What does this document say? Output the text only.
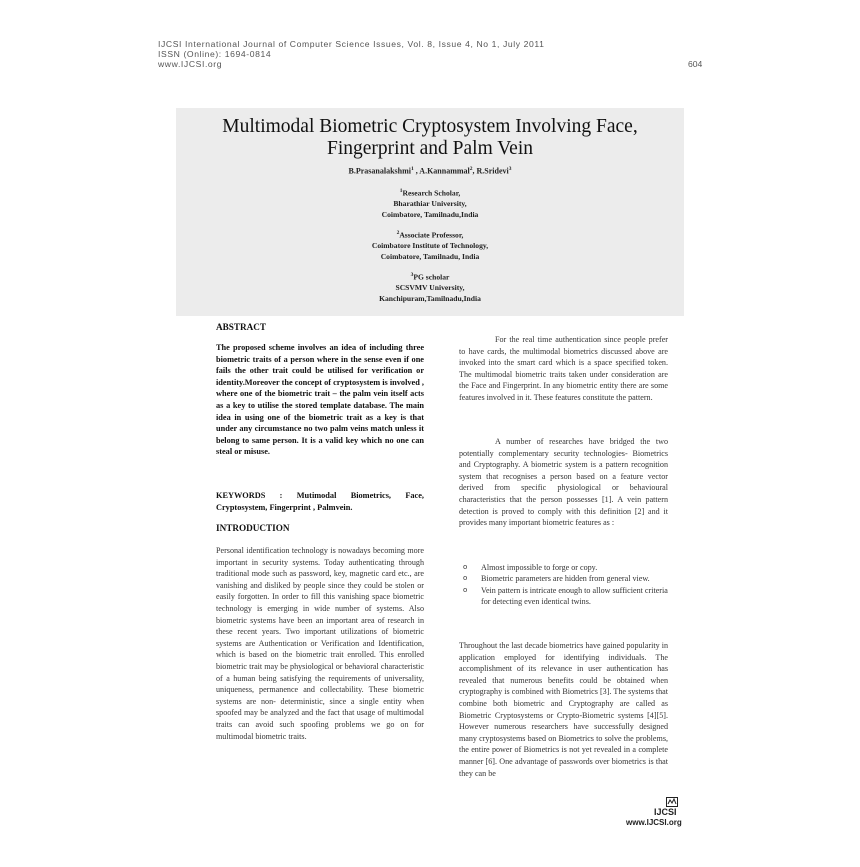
IJCSI International Journal of Computer Science Issues, Vol. 8, Issue 4, No 1, July 2011
ISSN (Online): 1694-0814
www.IJCSI.org	604
Multimodal Biometric Cryptosystem Involving Face,
Fingerprint and Palm Vein
B.Prasanalakshmi$^1$ , A.Kannammal$^2$, R.Sridevi$^3$
$^1$Research Scholar,
Bharathiar University,
Coimbatore, Tamilnadu,India
$^2$Associate Professor,
Coimbatore Institute of Technology,
Coimbatore, Tamilnadu, India
$^3$PG scholar
SCSVMV University,
Kanchipuram,Tamilnadu,India
ABSTRACT
The proposed scheme involves an idea of including three biometric traits of a person where in the sense even if one fails the other trait could be utilised for verification or identity.Moreover the concept of cryptosystem is involved , where one of the biometric trait – the palm vein itself acts as a key to utilise the stored template database. The main idea in using one of the biometric trait as a key is that under any circumstance no two palm veins match unless it belong to same person. It is a valid key which no one can steal or misuse.
KEYWORDS : Mutimodal Biometrics, Face, Cryptosystem, Fingerprint , Palmvein.
INTRODUCTION
Personal identification technology is nowadays becoming more important in security systems. Today authenticating through traditional mode such as password, key, magnetic card etc., are vanishing and disliked by people since they could be stolen or easily forgotten. In order to fill this vanishing space biometric technology is emerging in wide number of systems. Also biometric systems have been an important area of research in these recent years. Two important utilizations of biometric systems are Authentication or Verification and Identification, which is based on the biometric trait enrolled. This enrolled biometric trait may be physiological or behavioral characteristic of a human being satisfying the requirements of universality, uniqueness, permanence and collectability. These biometric systems are non- deterministic, since a single entity when spoofed may be analyzed and the fact that usage of multimodal traits can avoid such spoofing problems we go on for multimodal biometric traits.
For the real time authentication since people prefer to have cards, the multimodal biometrics discussed above are invoked into the smart card which is a space specified token. The multimodal biometric traits taken under consideration are the Face and Fingerprint. In any biometric entity there are some features involved in it. These features constitute the pattern.
A number of researches have bridged the two potentially complementary security technologies- Biometrics and Cryptography. A biometric system is a pattern recognition system that recognises a person based on a feature vector derived from specific physiological or behavioural characteristics that the person possesses [1]. A vein pattern detection is proved to comply with this definition [2] and it provides many important biometric features as :
o Almost impossible to forge or copy.
o Biometric parameters are hidden from general view.
o Vein pattern is intricate enough to allow sufficient criteria for detecting even identical twins.
Throughout the last decade biometrics have gained popularity in application employed for identifying individuals. The accomplishment of its relevance in user authentication has revealed that numerous benefits could be obtained when cryptography is combined with Biometrics [3]. The systems that combine both biometric and Cryptography are called as Biometric Cryptosystems or Crypto-Biometric systems [4][5]. However numerous researchers have successfully designed many cryptosystems based on Biometrics to solve the problems, the entire power of Biometrics is not yet revealed in a complete manner [6]. One advantage of passwords over biometrics is that they can be
IJCSI
www.IJCSI.org
